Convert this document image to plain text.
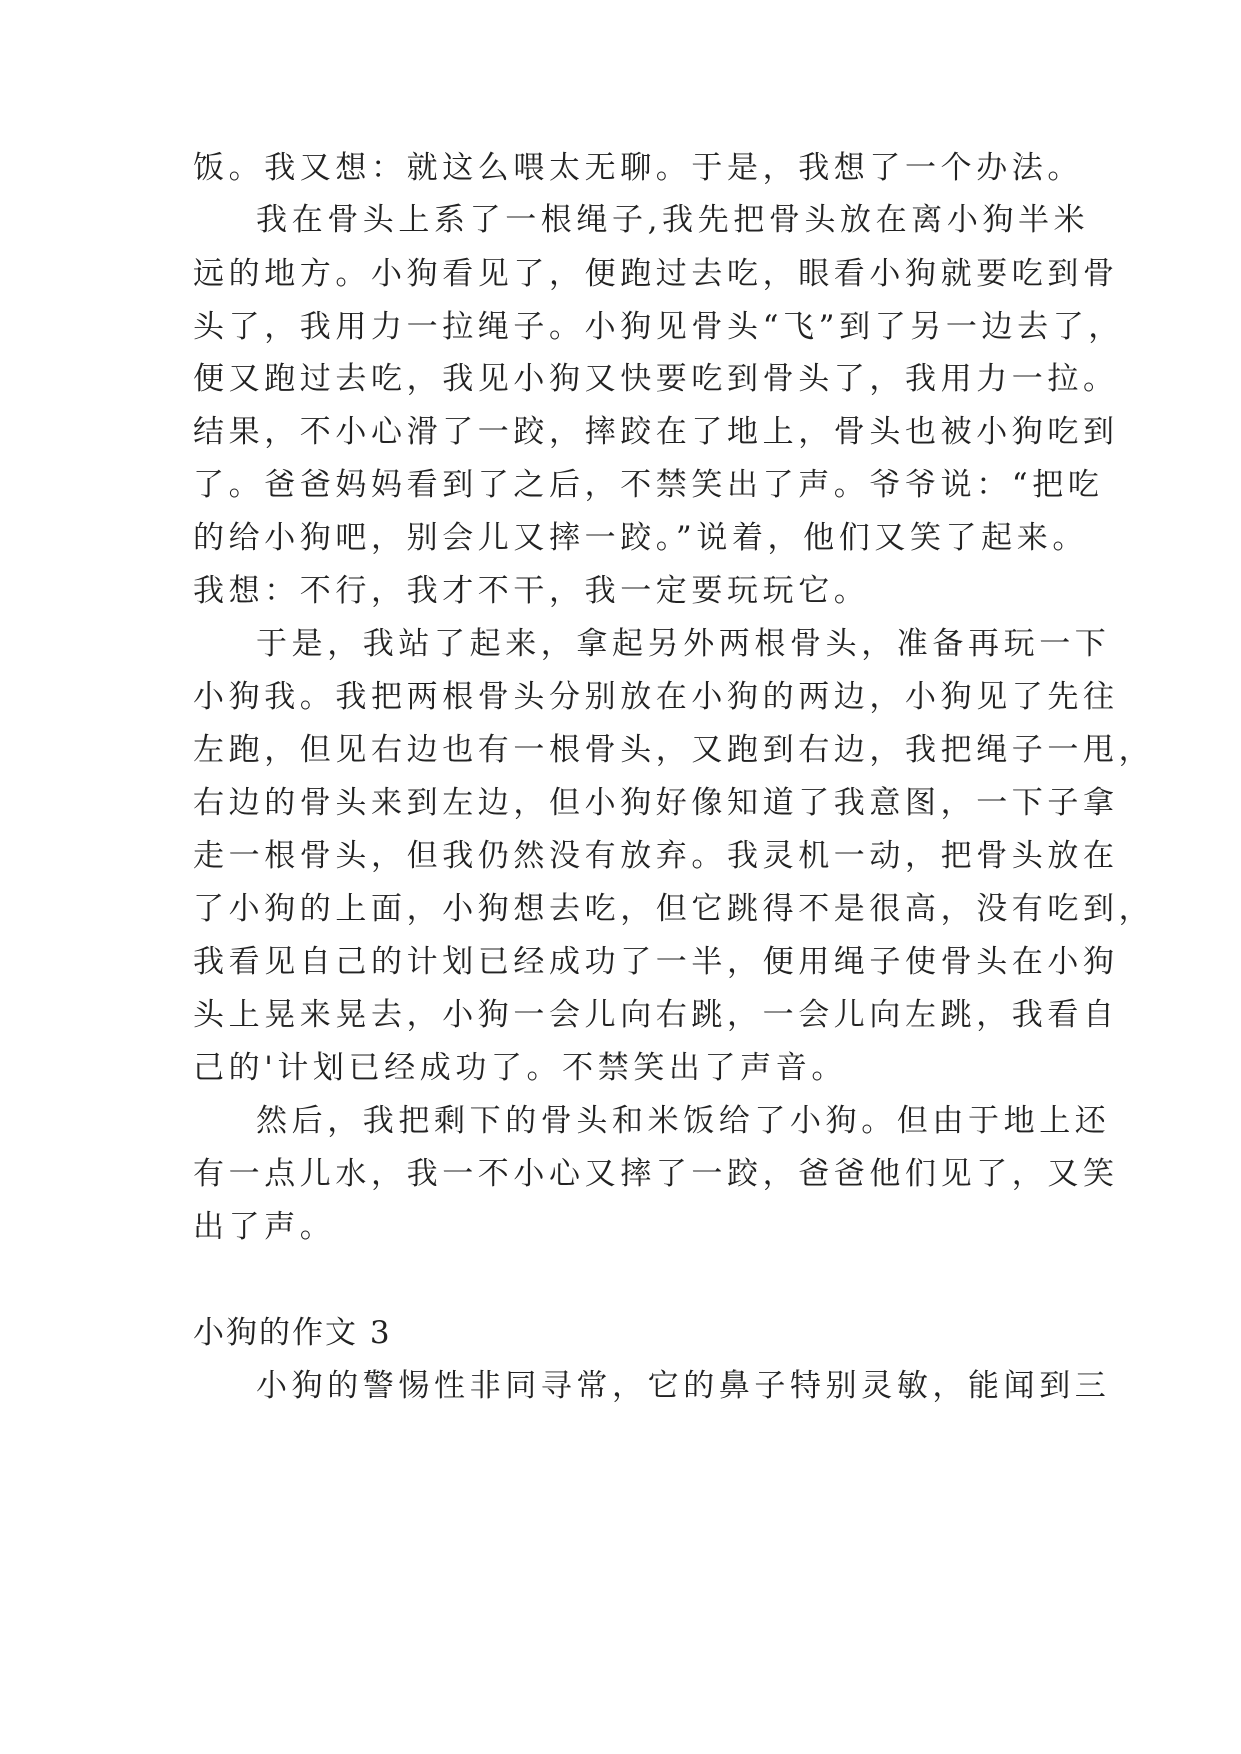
饭。我又想：就这么喂太无聊。于是，我想了一个办法。
我在骨头上系了一根绳子,我先把骨头放在离小狗半米
远的地方。小狗看见了，便跑过去吃，眼看小狗就要吃到骨
头了，我用力一拉绳子。小狗见骨头“飞”到了另一边去了，
便又跑过去吃，我见小狗又快要吃到骨头了，我用力一拉。
结果，不小心滑了一跤，摔跤在了地上，骨头也被小狗吃到
了。爸爸妈妈看到了之后，不禁笑出了声。爷爷说：“把吃
的给小狗吧，别会儿又摔一跤。”说着，他们又笑了起来。
我想：不行，我才不干，我一定要玩玩它。
于是，我站了起来，拿起另外两根骨头，准备再玩一下
小狗我。我把两根骨头分别放在小狗的两边，小狗见了先往
左跑，但见右边也有一根骨头，又跑到右边，我把绳子一甩，
右边的骨头来到左边，但小狗好像知道了我意图，一下子拿
走一根骨头，但我仍然没有放弃。我灵机一动，把骨头放在
了小狗的上面，小狗想去吃，但它跳得不是很高，没有吃到，
我看见自己的计划已经成功了一半，便用绳子使骨头在小狗
头上晃来晃去，小狗一会儿向右跳，一会儿向左跳，我看自
己的'计划已经成功了。不禁笑出了声音。
然后，我把剩下的骨头和米饭给了小狗。但由于地上还
有一点儿水，我一不小心又摔了一跤，爸爸他们见了，又笑
出了声。
小狗的作文 3
小狗的警惕性非同寻常，它的鼻子特别灵敏，能闻到三
